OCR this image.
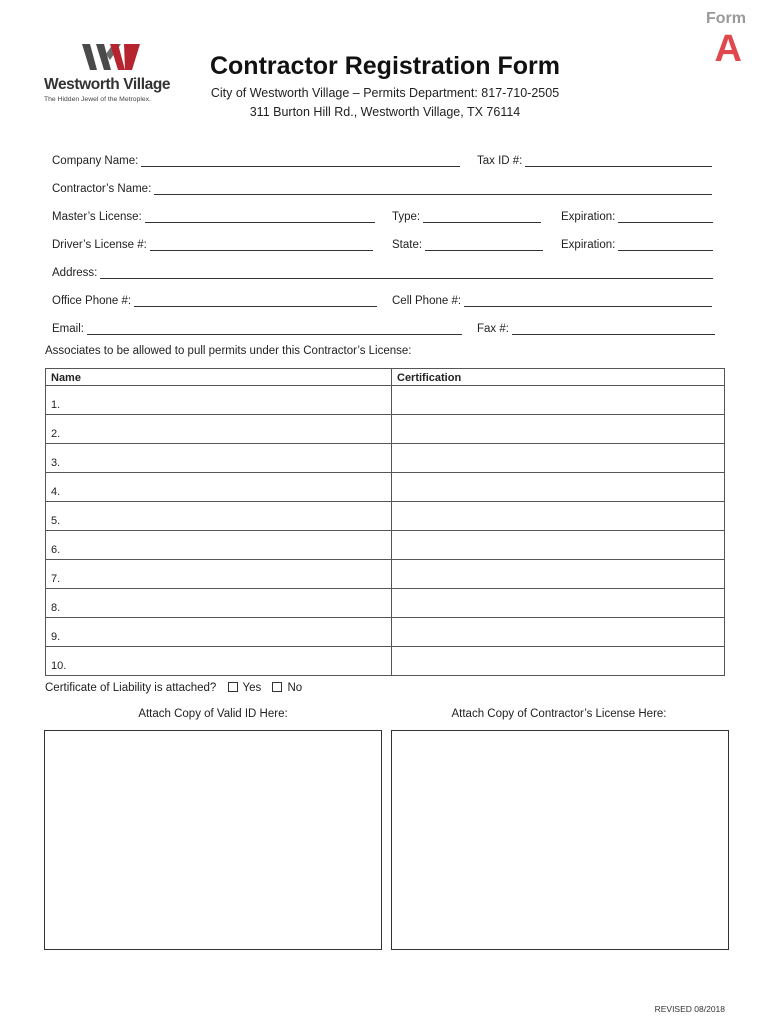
Westworth Village
The Hidden Jewel of the Metroplex.
Form
A
Contractor Registration Form
City of Westworth Village – Permits Department: 817-710-2505
311 Burton Hill Rd., Westworth Village, TX 76114
Company Name:	Tax ID #:
Contractor’s Name:
Master’s License:	Type:	Expiration:
Driver’s License #:	State:	Expiration:
Address:
Office Phone #:	Cell Phone #:
Email:	Fax #:
Associates to be allowed to pull permits under this Contractor’s License:
Name	Certification
1.	
2.	
3.	
4.	
5.	
6.	
7.	
8.	
9.	
10.	
Certificate of Liability is attached? Yes No
Attach Copy of Valid ID Here:	Attach Copy of Contractor’s License Here:
REVISED 08/2018
